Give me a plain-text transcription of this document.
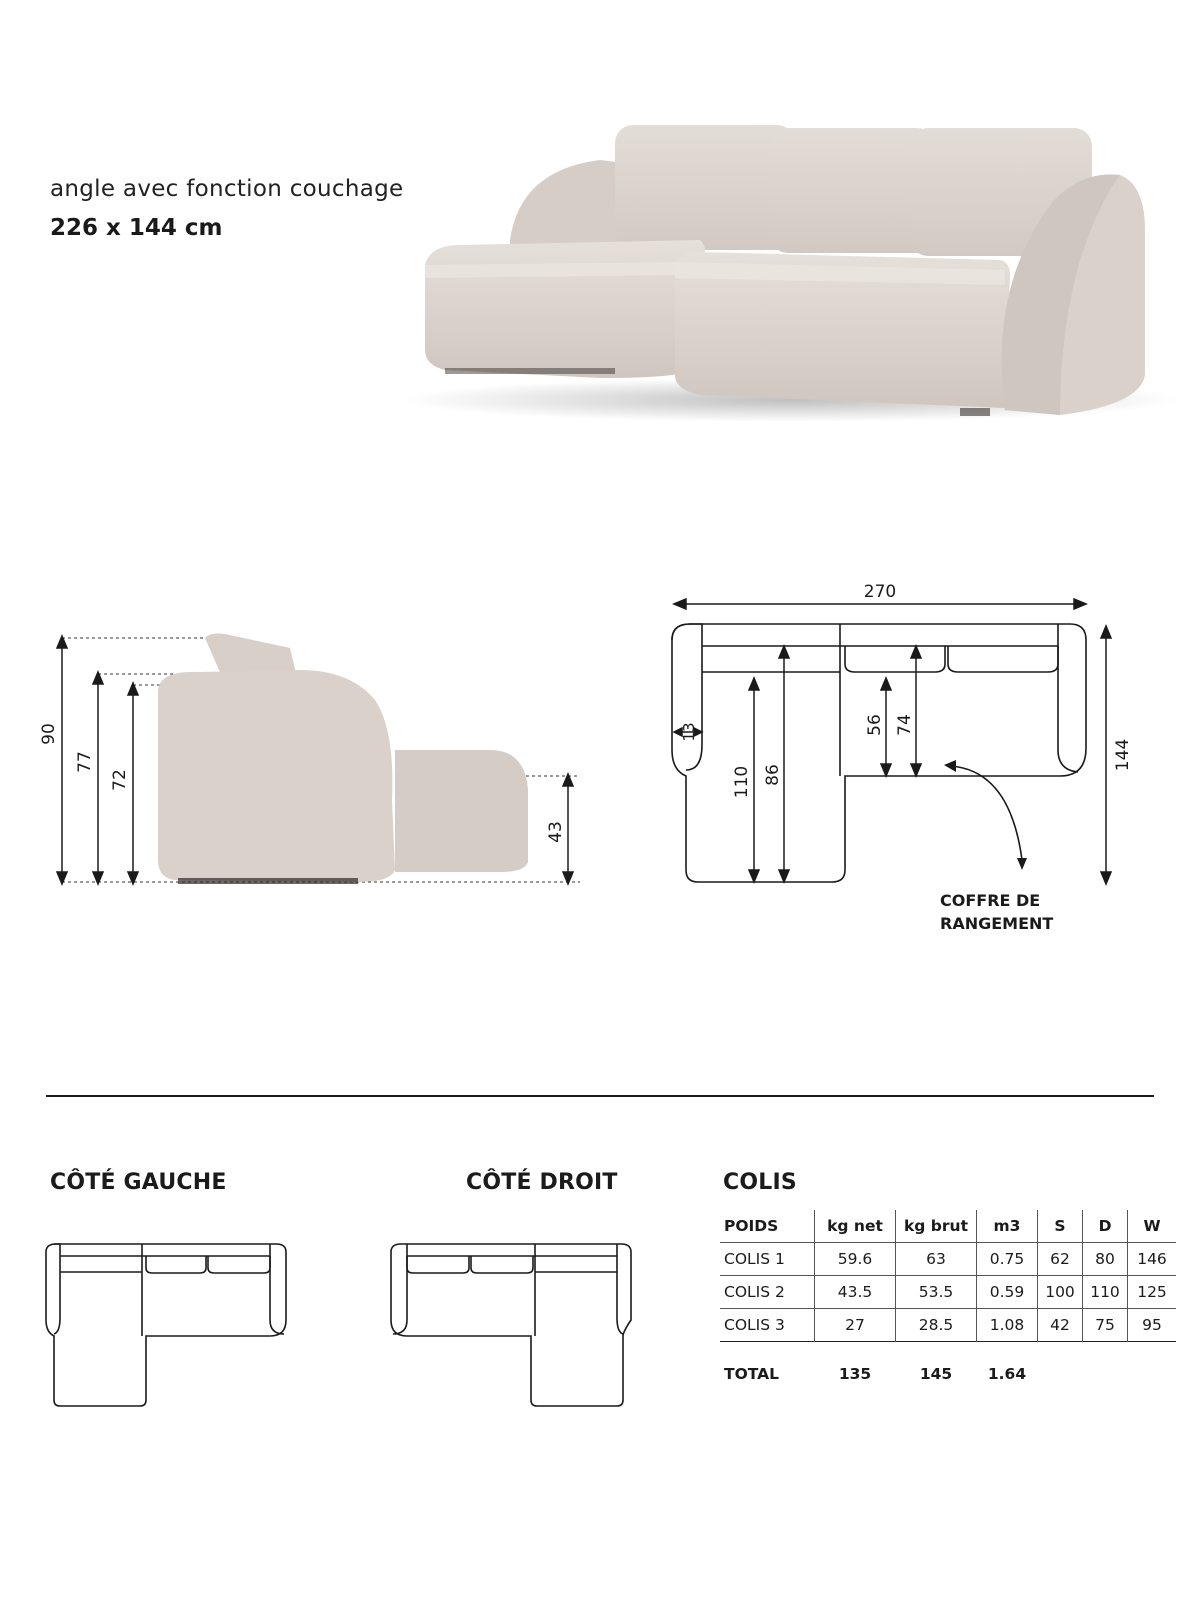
angle avec fonction couchage
226 x 144 cm
90
77
72
43
270
144
13
110 86
56 74
COFFRE DE
RANGEMENT
CÔTÉ GAUCHE	CÔTÉ DROIT	COLIS
POIDS	kg net	kg brut	m3	S	D	W
COLIS 1	59.6	63	0.75	62	80	146
COLIS 2	43.5	53.5	0.59	100	110	125
COLIS 3	27	28.5	1.08	42	75	95
TOTAL	135	145	1.64			
